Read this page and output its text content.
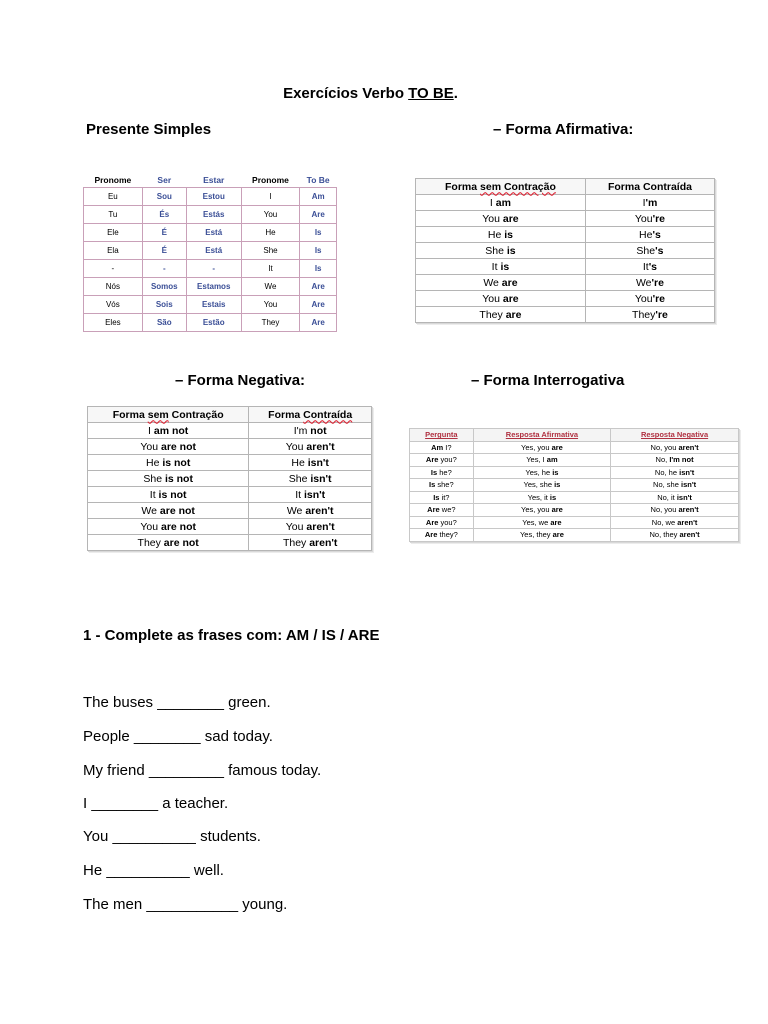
Exercícios Verbo TO BE.
Presente Simples	– Forma Afirmativa:
– Forma Negativa:	– Forma Interrogativa
Pronome	Ser	Estar	Pronome	To Be
Eu	Sou	Estou	I	Am
Tu	És	Estás	You	Are
Ele	É	Está	He	Is
Ela	É	Está	She	Is
-	-	-	It	Is
Nós	Somos	Estamos	We	Are
Vós	Sois	Estais	You	Are
Eles	São	Estão	They	Are
Forma sem Contração	Forma Contraída
I am	I'm
You are	You're
He is	He's
She is	She's
It is	It's
We are	We're
You are	You're
They are	They're
Forma sem Contração	Forma Contraída
I am not	I'm not
You are not	You aren't
He is not	He isn't
She is not	She isn't
It is not	It isn't
We are not	We aren't
You are not	You aren't
They are not	They aren't
Pergunta	Resposta Afirmativa	Resposta Negativa
Am I?	Yes, you are	No, you aren't
Are you?	Yes, I am	No, I'm not
Is he?	Yes, he is	No, he isn't
Is she?	Yes, she is	No, she isn't
Is it?	Yes, it is	No, it isn't
Are we?	Yes, you are	No, you aren't
Are you?	Yes, we are	No, we aren't
Are they?	Yes, they are	No, they aren't
1 - Complete as frases com: AM / IS / ARE
The buses ________ green.
People ________ sad today.
My friend _________ famous today.
I ________ a teacher.
You __________ students.
He __________ well.
The men ___________ young.
